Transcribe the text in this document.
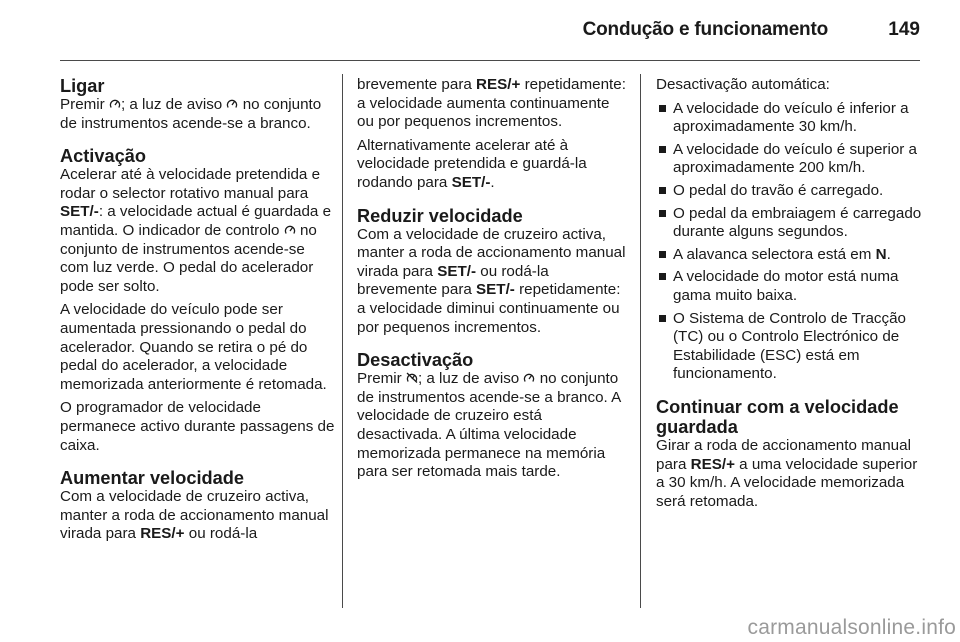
Condução e funcionamento	149
Ligar

Premir
; a luz de aviso
no conjunto de instrumentos acende-se a branco.

Activação

Acelerar até à velocidade pretendida e rodar o selector rotativo manual para SET/-: a velocidade actual é guardada e mantida. O indicador de controlo
no conjunto de instrumentos acende-se com luz verde. O pedal do acelerador pode ser solto.

A velocidade do veículo pode ser aumentada pressionando o pedal do acelerador. Quando se retira o pé do pedal do acelerador, a velocidade memorizada anteriormente é retomada.

O programador de velocidade permanece activo durante passagens de caixa.

Aumentar velocidade

Com a velocidade de cruzeiro activa, manter a roda de accionamento manual virada para RES/+ ou rodá-la

brevemente para RES/+ repetidamente: a velocidade aumenta continuamente ou por pequenos incrementos.

Alternativamente acelerar até à velocidade pretendida e guardá-la rodando para SET/-.

Reduzir velocidade

Com a velocidade de cruzeiro activa, manter a roda de accionamento manual virada para SET/- ou rodá-la brevemente para SET/- repetidamente: a velocidade diminui continuamente ou por pequenos incrementos.

Desactivação

Premir
; a luz de aviso
no conjunto de instrumentos acende-se a branco. A velocidade de cruzeiro está desactivada. A última velocidade memorizada permanece na memória para ser retomada mais tarde.

Desactivação automática:

A velocidade do veículo é inferior a aproximadamente 30 km/h.
A velocidade do veículo é superior a aproximadamente 200 km/h.
O pedal do travão é carregado.
O pedal da embraiagem é carregado durante alguns segundos.
A alavanca selectora está em N.
A velocidade do motor está numa gama muito baixa.
O Sistema de Controlo de Tracção (TC) ou o Controlo Electrónico de Estabilidade (ESC) está em funcionamento.
Continuar com a velocidade guardada

Girar a roda de accionamento manual para RES/+ a uma velocidade superior a 30 km/h. A velocidade memorizada será retomada.

carmanualsonline.info
